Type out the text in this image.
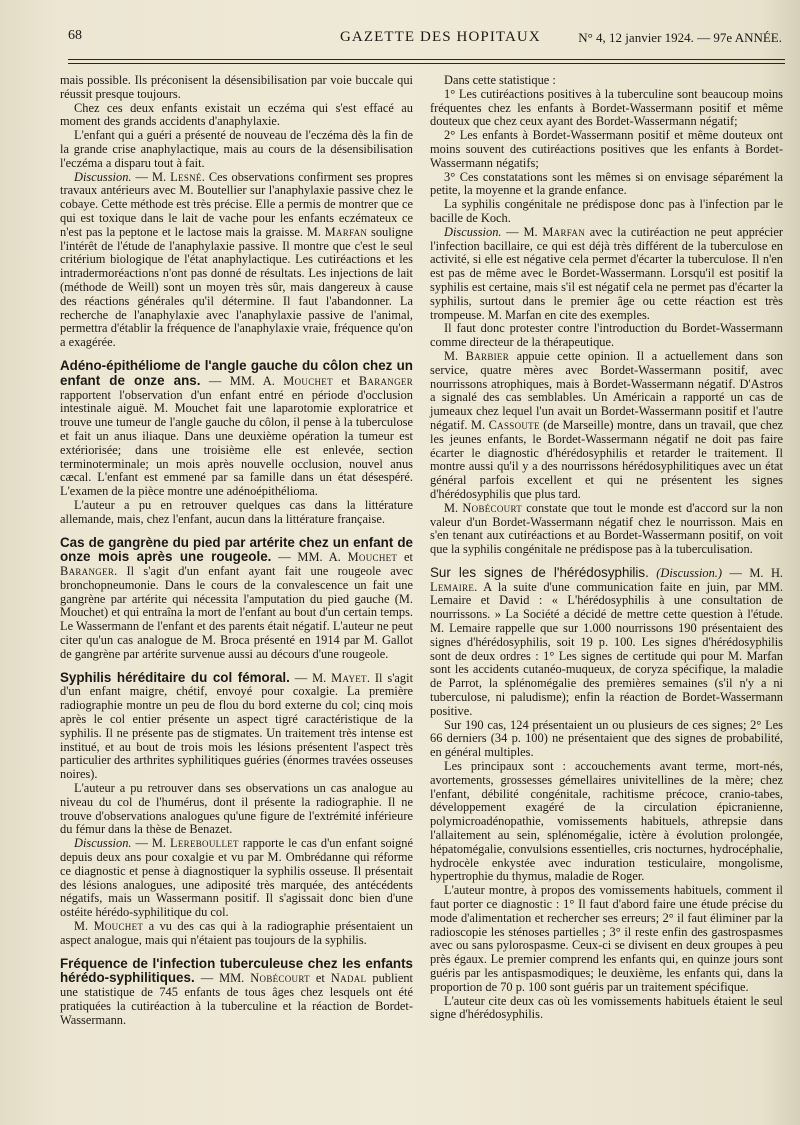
68	GAZETTE DES HOPITAUX	N° 4, 12 janvier 1924. — 97e ANNÉE.

mais possible. Ils préconisent la désensibilisation par voie buccale qui réussit presque toujours.

Chez ces deux enfants existait un eczéma qui s'est effacé au moment des grands accidents d'anaphylaxie.

L'enfant qui a guéri a présenté de nouveau de l'eczéma dès la fin de la grande crise anaphylactique, mais au cours de la désensibilisation l'eczéma a disparu tout à fait.

Discussion. — M. Lesné. Ces observations confirment ses propres travaux antérieurs avec M. Boutellier sur l'anaphylaxie passive chez le cobaye. Cette méthode est très précise. Elle a permis de montrer que ce qui est toxique dans le lait de vache pour les enfants eczémateux ce n'est pas la peptone et le lactose mais la graisse. M. Marfan souligne l'intérêt de l'étude de l'anaphylaxie passive. Il montre que c'est le seul critérium biologique de l'état anaphylactique. Les cutiréactions et les intradermoréactions n'ont pas donné de résultats. Les injections de lait (méthode de Weill) sont un moyen très sûr, mais dangereux à cause des réactions générales qu'il détermine. Il faut l'abandonner. La recherche de l'anaphylaxie avec l'anaphylaxie passive de l'animal, permettra d'établir la fréquence de l'anaphylaxie vraie, fréquence qu'on a exagérée.

Adéno-épithéliome de l'angle gauche du côlon chez un enfant de onze ans. — MM. A. Mouchet et Baranger rapportent l'observation d'un enfant entré en période d'occlusion intestinale aiguë. M. Mouchet fait une laparotomie exploratrice et trouve une tumeur de l'angle gauche du côlon, il pense à la tuberculose et fait un anus iliaque. Dans une deuxième opération la tumeur est extériorisée; dans une troisième elle est enlevée, section terminoterminale; un mois après nouvelle occlusion, nouvel anus cæcal. L'enfant est emmené par sa famille dans un état désespéré. L'examen de la pièce montre une adénoépithélioma.

L'auteur a pu en retrouver quelques cas dans la littérature allemande, mais, chez l'enfant, aucun dans la littérature française.

Cas de gangrène du pied par artérite chez un enfant de onze mois après une rougeole. — MM. A. Mouchet et Baranger. Il s'agit d'un enfant ayant fait une rougeole avec bronchopneumonie. Dans le cours de la convalescence un fait une gangrène par artérite qui nécessita l'amputation du pied gauche (M. Mouchet) et qui entraîna la mort de l'enfant au bout d'un certain temps. Le Wassermann de l'enfant et des parents était négatif. L'auteur ne peut citer qu'un cas analogue de M. Broca présenté en 1914 par M. Gallot de gangrène par artérite survenue aussi au décours d'une rougeole.

Syphilis héréditaire du col fémoral. — M. Mayet. Il s'agit d'un enfant maigre, chétif, envoyé pour coxalgie. La première radiographie montre un peu de flou du bord externe du col; cinq mois après le col entier présente un aspect tigré caractéristique de la syphilis. Il ne présente pas de stigmates. Un traitement très intense est institué, et au bout de trois mois les lésions présentent l'aspect très particulier des arthrites syphilitiques guéries (énormes travées osseuses noires).

L'auteur a pu retrouver dans ses observations un cas analogue au niveau du col de l'humérus, dont il présente la radiographie. Il ne trouve d'observations analogues qu'une figure de l'extrémité inférieure du fémur dans la thèse de Benazet.

Discussion. — M. Lereboullet rapporte le cas d'un enfant soigné depuis deux ans pour coxalgie et vu par M. Ombrédanne qui réforme ce diagnostic et pense à diagnostiquer la syphilis osseuse. Il présentait des lésions analogues, une adiposité très marquée, des antécédents négatifs, mais un Wassermann positif. Il s'agissait donc bien d'une ostéite hérédo-syphilitique du col.

M. Mouchet a vu des cas qui à la radiographie présentaient un aspect analogue, mais qui n'étaient pas toujours de la syphilis.

Fréquence de l'infection tuberculeuse chez les enfants hérédo-syphilitiques. — MM. Nobécourt et Nadal publient une statistique de 745 enfants de tous âges chez lesquels ont été pratiquées la cutiréaction à la tuberculine et la réaction de Bordet-Wassermann.

Dans cette statistique :

1° Les cutiréactions positives à la tuberculine sont beaucoup moins fréquentes chez les enfants à Bordet-Wassermann positif et même douteux que chez ceux ayant des Bordet-Wassermann négatif;

2° Les enfants à Bordet-Wassermann positif et même douteux ont moins souvent des cutiréactions positives que les enfants à Bordet-Wassermann négatifs;

3° Ces constatations sont les mêmes si on envisage séparément la petite, la moyenne et la grande enfance.

La syphilis congénitale ne prédispose donc pas à l'infection par le bacille de Koch.

Discussion. — M. Marfan avec la cutiréaction ne peut apprécier l'infection bacillaire, ce qui est déjà très différent de la tuberculose en activité, si elle est négative cela permet d'écarter la tuberculose. Il n'en est pas de même avec le Bordet-Wassermann. Lorsqu'il est positif la syphilis est certaine, mais s'il est négatif cela ne permet pas d'écarter la syphilis, surtout dans le premier âge ou cette réaction est très trompeuse. M. Marfan en cite des exemples.

Il faut donc protester contre l'introduction du Bordet-Wassermann comme directeur de la thérapeutique.

M. Barbier appuie cette opinion. Il a actuellement dans son service, quatre mères avec Bordet-Wassermann positif, avec nourrissons atrophiques, mais à Bordet-Wassermann négatif. D'Astros a signalé des cas semblables. Un Américain a rapporté un cas de jumeaux chez lequel l'un avait un Bordet-Wassermann positif et l'autre négatif. M. Cassoute (de Marseille) montre, dans un travail, que chez les jeunes enfants, le Bordet-Wassermann négatif ne doit pas faire écarter le diagnostic d'hérédosyphilis et retarder le traitement. Il montre aussi qu'il y a des nourrissons hérédosyphilitiques avec un état général parfois excellent et qui ne présentent les signes d'hérédosyphilis que plus tard.

M. Nobécourt constate que tout le monde est d'accord sur la non valeur d'un Bordet-Wassermann négatif chez le nourrisson. Mais en s'en tenant aux cutiréactions et au Bordet-Wassermann positif, on voit que la syphilis congénitale ne prédispose pas à la tuberculisation.

Sur les signes de l'hérédosyphilis. (Discussion.) — M. H. Lemaire. A la suite d'une communication faite en juin, par MM. Lemaire et David : « L'hérédosyphilis à une consultation de nourrissons. » La Société a décidé de mettre cette question à l'étude. M. Lemaire rappelle que sur 1.000 nourrissons 190 présentaient des signes d'hérédosyphilis, soit 19 p. 100. Les signes d'hérédosyphilis sont de deux ordres : 1° Les signes de certitude qui pour M. Marfan sont les accidents cutanéo-muqueux, de coryza spécifique, la maladie de Parrot, la splénomégalie des premières semaines (s'il n'y a ni tuberculose, ni paludisme); enfin la réaction de Bordet-Wassermann positive.

Sur 190 cas, 124 présentaient un ou plusieurs de ces signes; 2° Les 66 derniers (34 p. 100) ne présentaient que des signes de probabilité, en général multiples.

Les principaux sont : accouchements avant terme, mort-nés, avortements, grossesses gémellaires univitellines de la mère; chez l'enfant, débilité congénitale, rachitisme précoce, cranio-tabes, développement exagéré de la circulation épicranienne, polymicroadénopathie, vomissements habituels, athrepsie dans l'allaitement au sein, splénomégalie, ictère à évolution prolongée, hépatomégalie, convulsions essentielles, cris nocturnes, hydrocéphalie, hydrocèle enkystée avec induration testiculaire, mongolisme, hypertrophie du thymus, maladie de Roger.

L'auteur montre, à propos des vomissements habituels, comment il faut porter ce diagnostic : 1° Il faut d'abord faire une étude précise du mode d'alimentation et rechercher ses erreurs; 2° il faut éliminer par la radioscopie les sténoses partielles ; 3° il reste enfin des gastrospasmes avec ou sans pylorospasme. Ceux-ci se divisent en deux groupes à peu près égaux. Le premier comprend les enfants qui, en quinze jours sont guéris par les antispasmodiques; le deuxième, les enfants qui, dans la proportion de 70 p. 100 sont guéris par un traitement spécifique.

L'auteur cite deux cas où les vomissements habituels étaient le seul signe d'hérédosyphilis.
